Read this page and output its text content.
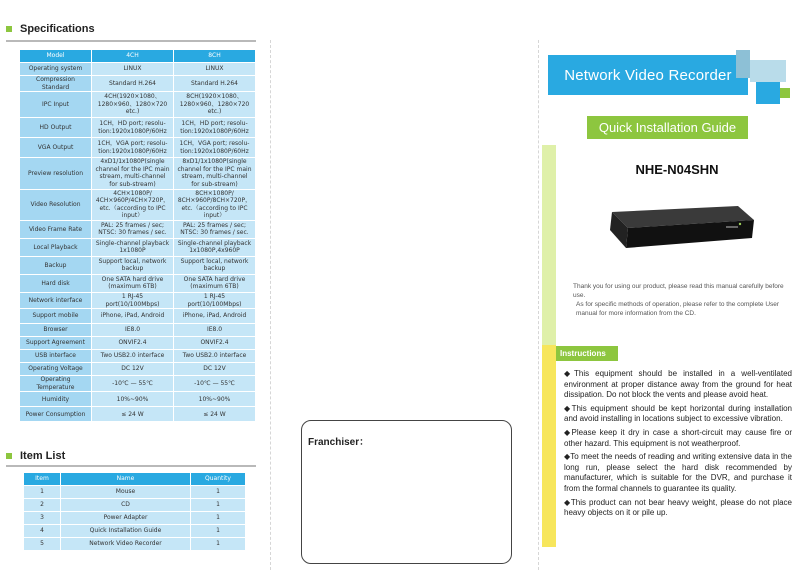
Specifications
Model	4CH	8CH
Operating system	LINUX	LINUX
Compression Standard	Standard H.264	Standard H.264
IPC Input	4CH(1920×1080、1280×960、1280×720 etc.)	8CH(1920×1080、1280×960、1280×720 etc.)
HD Output	1CH，HD port; resolu-tion:1920x1080P/60Hz	1CH，HD port; resolu-tion:1920x1080P/60Hz
VGA Output	1CH，VGA port; resolu-tion:1920x1080P/60Hz	1CH，VGA port; resolu-tion:1920x1080P/60Hz
Preview resolution	4xD1/1x1080P(single channel for the IPC main stream, multi-channel for sub-stream)	8xD1/1x1080P(single channel for the IPC main stream, multi-channel for sub-stream)
Video Resolution	4CH×1080P/ 4CH×960P/4CH×720P，etc.（according to IPC input）	8CH×1080P/ 8CH×960P/8CH×720P，etc.（according to IPC input）
Video Frame Rate	PAL: 25 frames / sec; NTSC: 30 frames / sec.	PAL: 25 frames / sec; NTSC: 30 frames / sec.
Local Playback	Single-channel playback 1x1080P	Single-channel playback 1x1080P,4x960P
Backup	Support local, network backup	Support local, network backup
Hard disk	One SATA hard drive (maximum 6TB)	One SATA hard drive (maximum 6TB)
Network interface	1 RJ-45 port(10/100Mbps)	1 RJ-45 port(10/100Mbps)
Support mobile	iPhone, iPad, Android	iPhone, iPad, Android
Browser	IE8.0	IE8.0
Support Agreement	ONVIF2.4	ONVIF2.4
USB interface	Two USB2.0 interface	Two USB2.0 interface
Operating Voltage	DC 12V	DC 12V
Operating Temperature	-10℃ — 55℃	-10℃ — 55℃
Humidity	10%~90%	10%~90%
Power Consumption	≤ 24 W	≤ 24 W
Item List
Item	Name	Quantity
1	Mouse	1
2	CD	1
3	Power Adapter	1
4	Quick Installation Guide	1
5	Network Video Recorder	1
Franchiser：
Network Video Recorder
Quick Installation Guide
NHE-N04SHN
Thank you for using our product, please read this manual carefully before use.
As for specific methods of operation, please refer to the complete User manual for more information from the CD.
Instructions

◆This equipment should be installed in a well-ventilated environment at proper distance away from the ground for heat dissipation. Do not block the vents and please avoid heat.

◆This equipment should be kept horizontal during installation and avoid installing in locations subject to excessive vibration.

◆Please keep it dry in case a short-circuit may cause fire or other hazard. This equipment is not weatherproof.

◆To meet the needs of reading and writing extensive data in the long run, please select the hard disk recommended by manufacturer, which is suitable for the DVR, and purchase it from the formal channels to guarantee its quality.

◆This product can not bear heavy weight, please do not place heavy objects on it or pile up.
